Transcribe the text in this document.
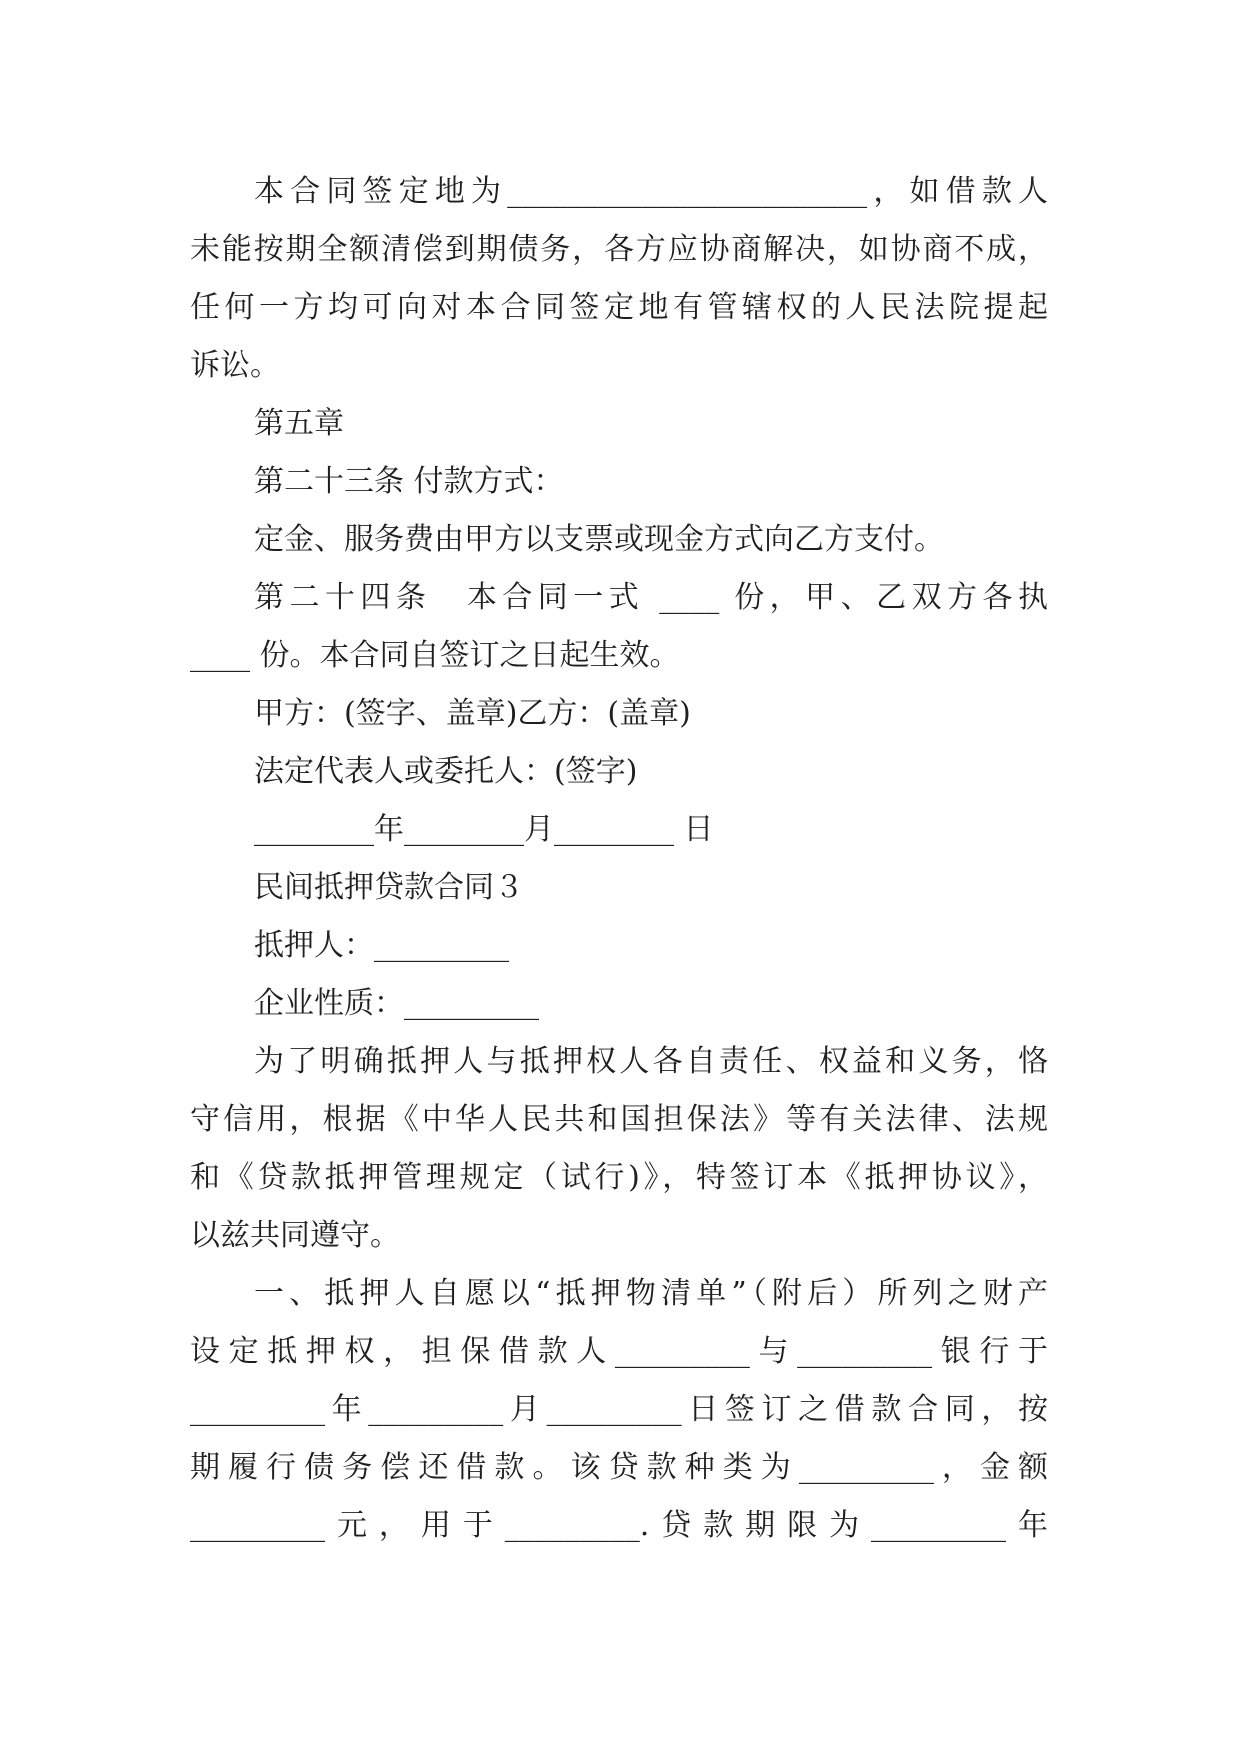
本合同签定地为________________________，如借款人
未能按期全额清偿到期债务，各方应协商解决，如协商不成，
任何一方均可向对本合同签定地有管辖权的人民法院提起
诉讼。
第五章
第二十三条 付款方式：
定金、服务费由甲方以支票或现金方式向乙方支付。
第二十四条　本合同一式 ____ 份，甲、乙双方各执
____ 份。本合同自签订之日起生效。
甲方：(签字、盖章)乙方：(盖章)
法定代表人或委托人：(签字)
________年________月________ 日
民间抵押贷款合同３
抵押人：_________
企业性质：_________
为了明确抵押人与抵押权人各自责任、权益和义务，恪
守信用，根据《中华人民共和国担保法》等有关法律、法规
和《贷款抵押管理规定（试行)》，特签订本《抵押协议》，
以兹共同遵守。
一、抵押人自愿以“抵押物清单”（附后）所列之财产
设定抵押权，担保借款人_________与_________银行于
_________年_________月_________日签订之借款合同，按
期履行债务偿还借款。该贷款种类为_________，金额
_________元，用于_________.贷款期限为_________年
